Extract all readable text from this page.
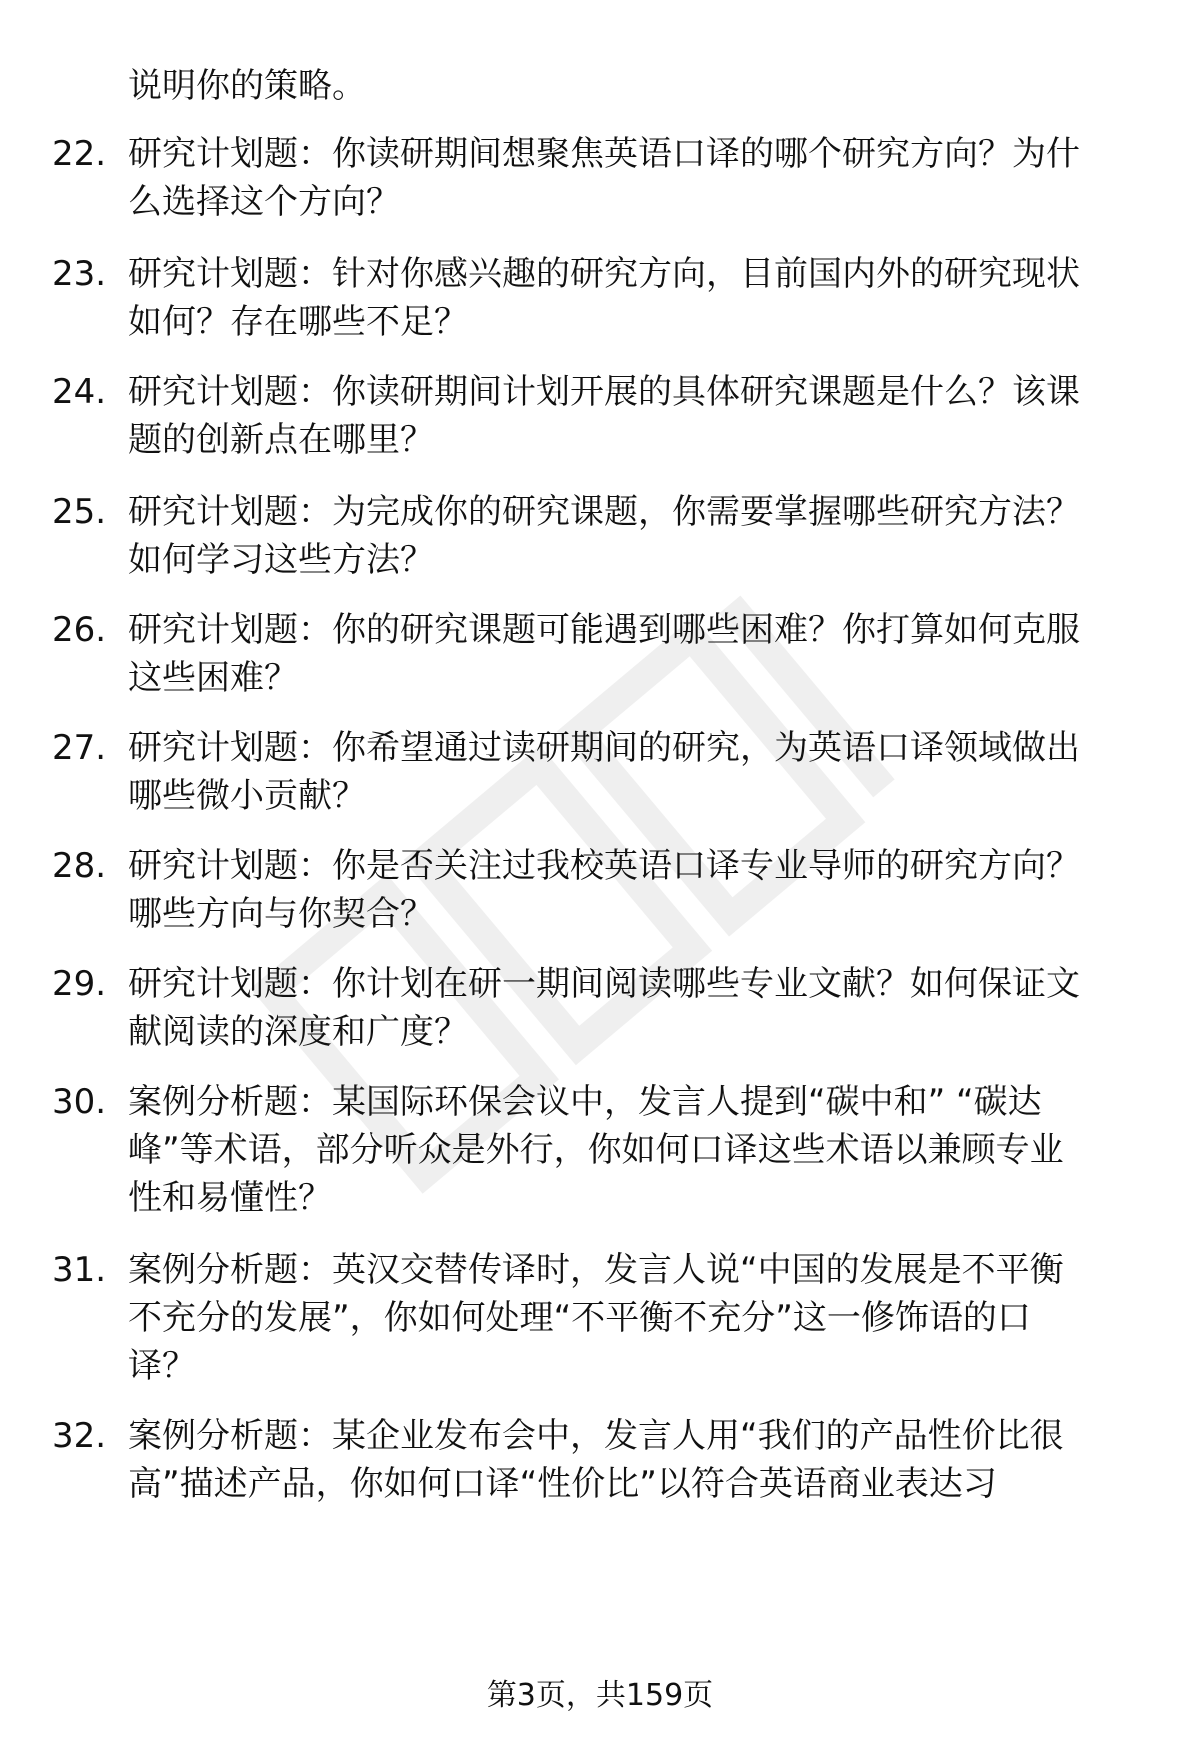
说明你的策略。
22. 研究计划题：你读研期间想聚焦英语口译的哪个研究方向？为什
么选择这个方向？
23. 研究计划题：针对你感兴趣的研究方向，目前国内外的研究现状
如何？存在哪些不足？
24. 研究计划题：你读研期间计划开展的具体研究课题是什么？该课
题的创新点在哪里？
25. 研究计划题：为完成你的研究课题，你需要掌握哪些研究方法？
如何学习这些方法？
26. 研究计划题：你的研究课题可能遇到哪些困难？你打算如何克服
这些困难？
27. 研究计划题：你希望通过读研期间的研究，为英语口译领域做出
哪些微小贡献？
28. 研究计划题：你是否关注过我校英语口译专业导师的研究方向？
哪些方向与你契合？
29. 研究计划题：你计划在研一期间阅读哪些专业文献？如何保证文
献阅读的深度和广度？
30. 案例分析题：某国际环保会议中，发言人提到“碳中和” “碳达
峰”等术语，部分听众是外行，你如何口译这些术语以兼顾专业
性和易懂性？
31. 案例分析题：英汉交替传译时，发言人说“中国的发展是不平衡
不充分的发展”，你如何处理“不平衡不充分”这一修饰语的口
译？
32. 案例分析题：某企业发布会中，发言人用“我们的产品性价比很
高”描述产品，你如何口译“性价比”以符合英语商业表达习
第3页，共159页
